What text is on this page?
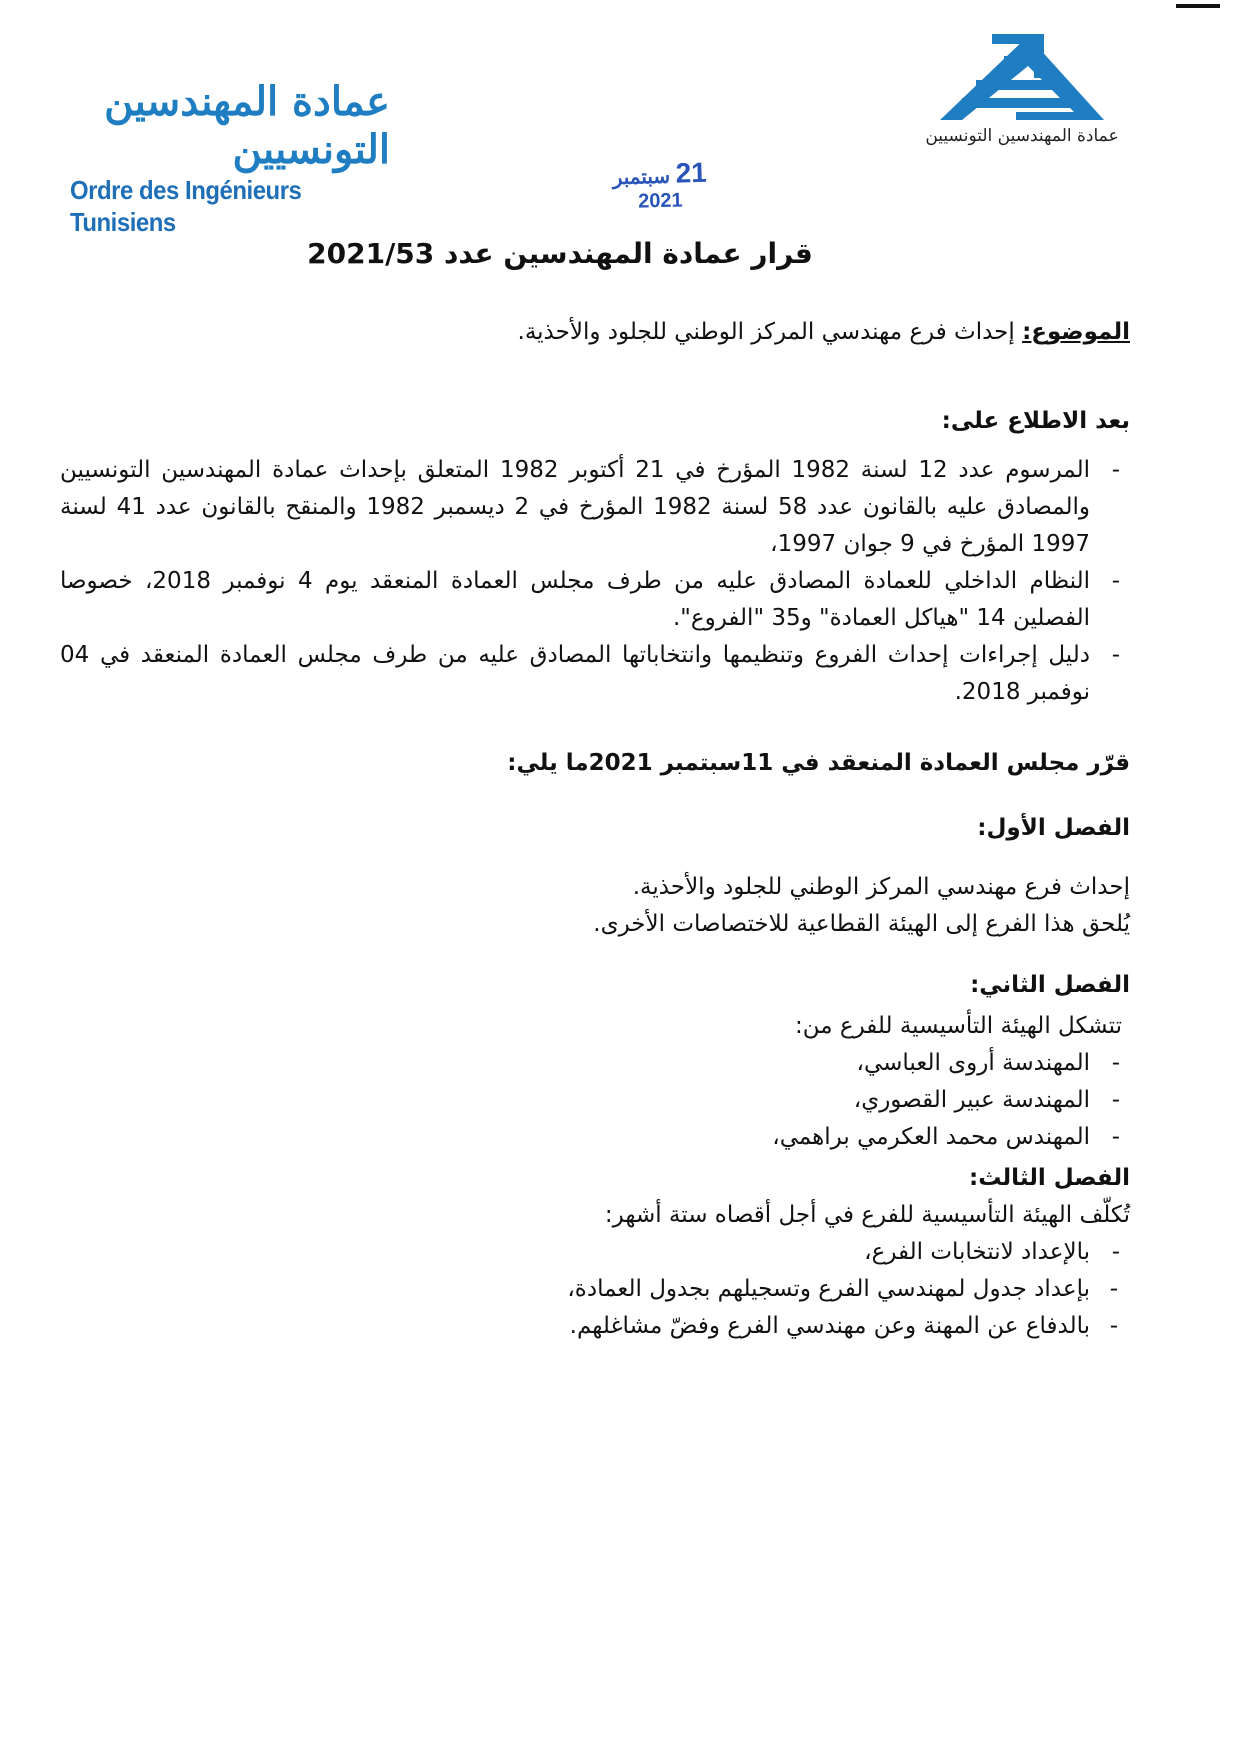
عمادة المهندسين التونسيين
Ordre des Ingénieurs Tunisiens
عمادة المهندسين التونسيين
21 سبتمبر 2021
قرار عمادة المهندسين عدد 2021/53

الموضوع: إحداث فرع مهندسي المركز الوطني للجلود والأحذية.

بعد الاطلاع على:

- المرسوم عدد 12 لسنة 1982 المؤرخ في 21 أكتوبر 1982 المتعلق بإحداث عمادة المهندسين التونسيين والمصادق عليه بالقانون عدد 58 لسنة 1982 المؤرخ في 2 ديسمبر 1982 والمنقح بالقانون عدد 41 لسنة 1997 المؤرخ في 9 جوان 1997،
- النظام الداخلي للعمادة المصادق عليه من طرف مجلس العمادة المنعقد يوم 4 نوفمبر 2018، خصوصا الفصلين 14 "هياكل العمادة" و35 "الفروع".
- دليل إجراءات إحداث الفروع وتنظيمها وانتخاباتها المصادق عليه من طرف مجلس العمادة المنعقد في 04 نوفمبر 2018.

قرّر مجلس العمادة المنعقد في 11سبتمبر 2021ما يلي:

الفصل الأول:

إحداث فرع مهندسي المركز الوطني للجلود والأحذية.

يُلحق هذا الفرع إلى الهيئة القطاعية للاختصاصات الأخرى.

الفصل الثاني:

تتشكل الهيئة التأسيسية للفرع من:

- المهندسة أروى العباسي،
- المهندسة عبير القصوري،
- المهندس محمد العكرمي براهمي،

الفصل الثالث:

تُكلّف الهيئة التأسيسية للفرع في أجل أقصاه ستة أشهر:

- بالإعداد لانتخابات الفرع،
- بإعداد جدول لمهندسي الفرع وتسجيلهم بجدول العمادة،
- بالدفاع عن المهنة وعن مهندسي الفرع وفضّ مشاغلهم.
